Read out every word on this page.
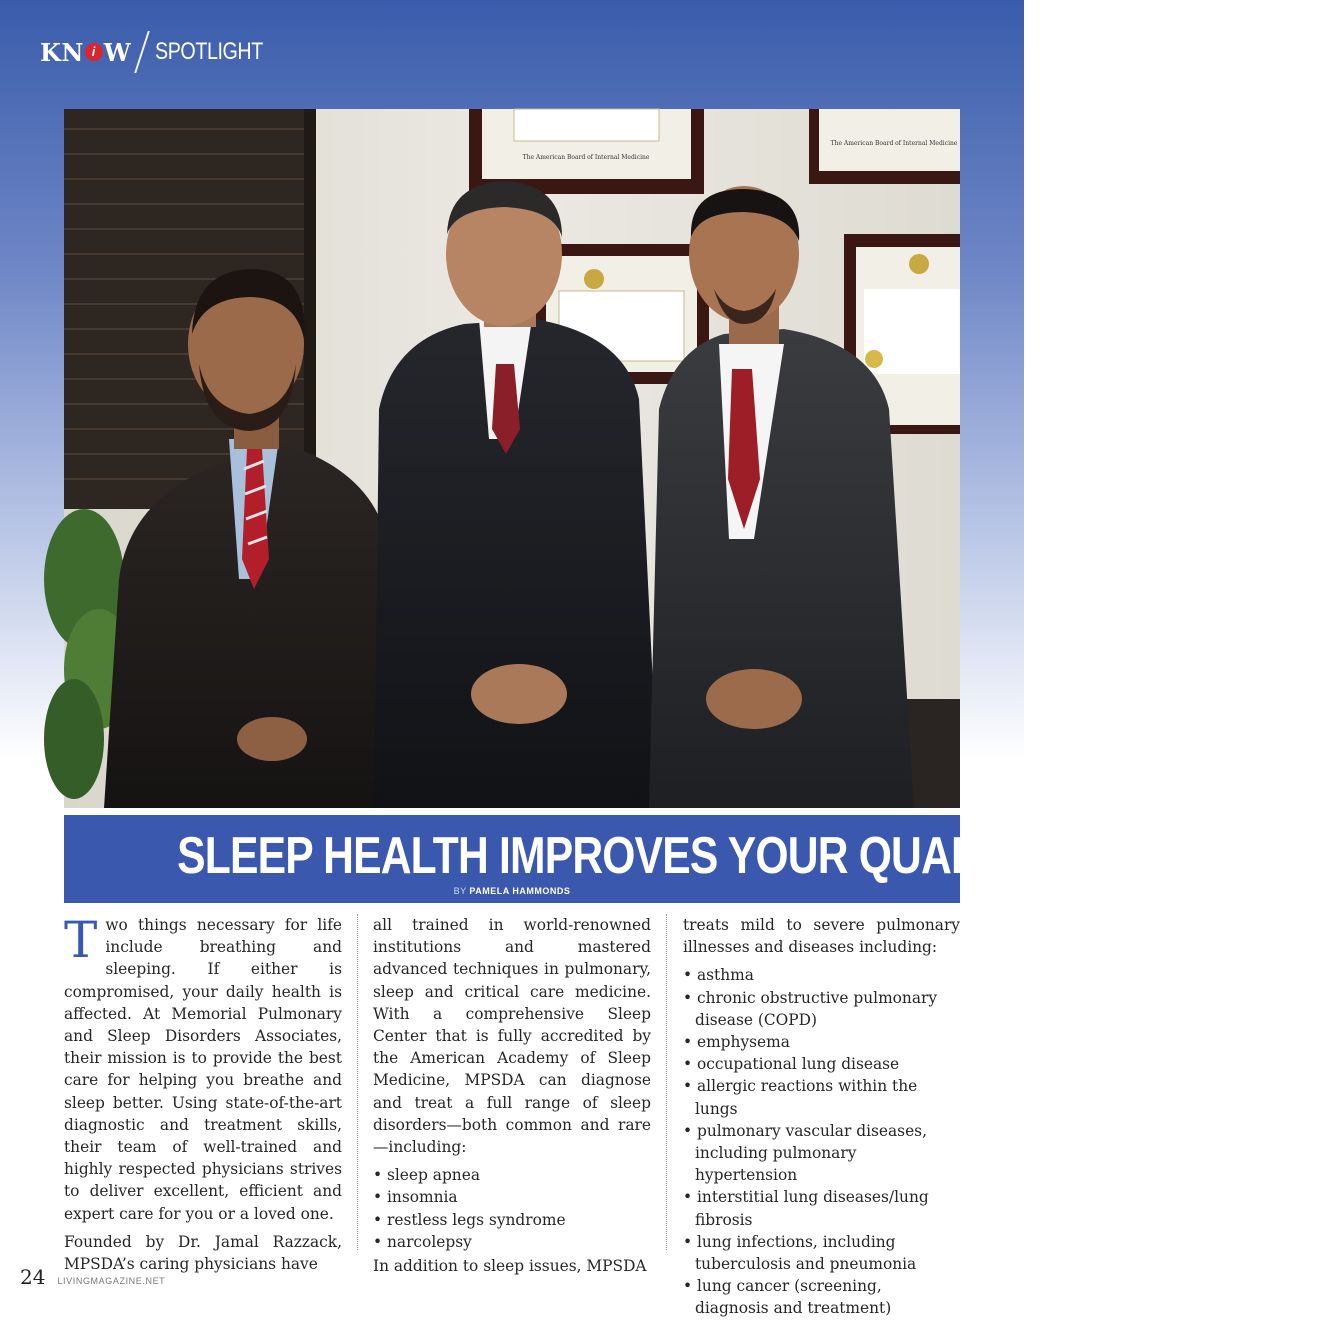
KN i W SPOTLIGHT
The American Board of Internal Medicine
The American Board of Internal Medicine
SLEEP HEALTH IMPROVES YOUR QUALITY OF LIFE
BY PAMELA HAMMONDS

Two things necessary for life include breathing and sleeping. If either is compromised, your daily health is affected. At Memorial Pulmonary and Sleep Disorders Associates, their mission is to provide the best care for helping you breathe and sleep better. Using state-of-the-art diagnostic and treatment skills, their team of well-trained and highly respected physicians strives to deliver excellent, efficient and expert care for you or a loved one.

Founded by Dr. Jamal Razzack, MPSDA’s caring physicians have

all trained in world-renowned institutions and mastered advanced techniques in pulmonary, sleep and critical care medicine. With a comprehensive Sleep Center that is fully accredited by the American Academy of Sleep Medicine, MPSDA can diagnose and treat a full range of sleep disorders—both common and rare—including:

• sleep apnea
• insomnia
• restless legs syndrome
• narcolepsy

In addition to sleep issues, MPSDA

treats mild to severe pulmonary illnesses and diseases including:

• asthma
• chronic obstructive pulmonary disease (COPD)
• emphysema
• occupational lung disease
• allergic reactions within the lungs
• pulmonary vascular diseases, including pulmonary hypertension
• interstitial lung diseases/lung fibrosis
• lung infections, including tuberculosis and pneumonia
• lung cancer (screening, diagnosis and treatment)
24 LIVINGMAGAZINE.NET
